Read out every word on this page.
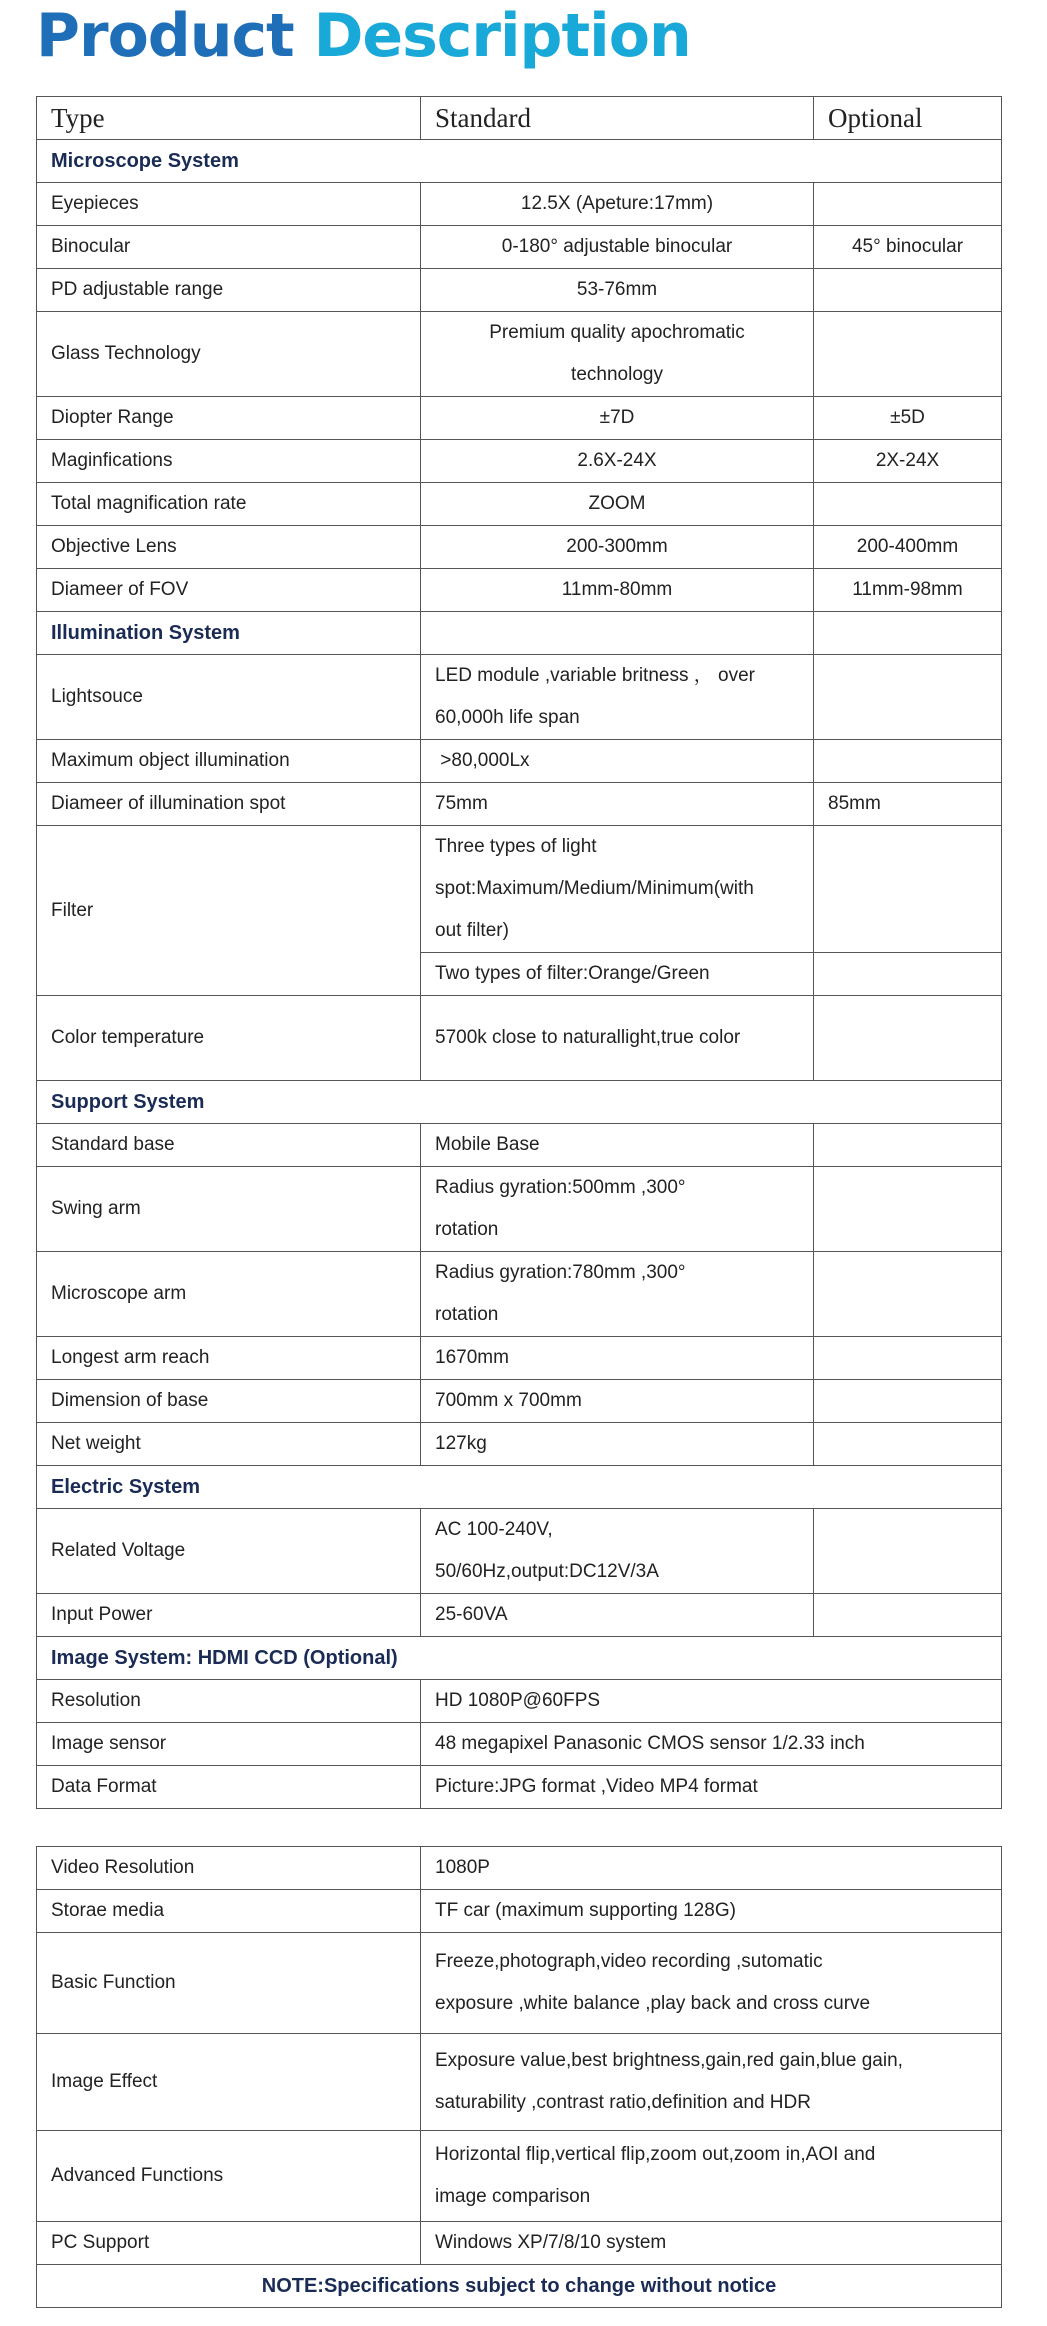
Product Description
Type	Standard	Optional
Microscope System		
Eyepieces	12.5X (Apeture:17mm)	
Binocular	0-180° adjustable binocular	45° binocular
PD adjustable range	53-76mm	
Glass Technology	Premium quality apochromatic
technology	

Diopter Range	±7D	±5D
Maginfications	2.6X-24X	2X-24X
Total magnification rate	ZOOM	
Objective Lens	200-300mm	200-400mm
Diameer of FOV	11mm-80mm	11mm-98mm
Illumination System		
Lightsouce	LED module ,variable britness ， over
60,000h life span	

Maximum object illumination	>80,000Lx	
Diameer of illumination spot	75mm	85mm
Filter	Three types of light
spot:Maximum/Medium/Minimum(with
out filter)	

	Two types of filter:Orange/Green	
Color temperature	5700k close to naturallight,true color	
Support System		
Standard base	Mobile Base	
Swing arm	Radius gyration:500mm ,300°
rotation	

Microscope arm	Radius gyration:780mm ,300°
rotation	

Longest arm reach	1670mm	
Dimension of base	700mm x 700mm	
Net weight	127kg	
Electric System		
Related Voltage	AC 100-240V,
50/60Hz,output:DC12V/3A	

Input Power	25-60VA	
Image System: HDMI CCD (Optional)		
Resolution	HD 1080P@60FPS	
Image sensor	48 megapixel Panasonic CMOS sensor 1/2.33 inch	
Data Format	Picture:JPG format ,Video MP4 format	
Video Resolution	1080P
Storae media	TF car (maximum supporting 128G)
Basic Function	Freeze,photograph,video recording ,sutomatic
exposure ,white balance ,play back and cross curve

Image Effect	Exposure value,best brightness,gain,red gain,blue gain,
saturability ,contrast ratio,definition and HDR

Advanced Functions	Horizontal flip,vertical flip,zoom out,zoom in,AOI and
image comparison

PC Support	Windows XP/7/8/10 system
NOTE:Specifications subject to change without notice	
